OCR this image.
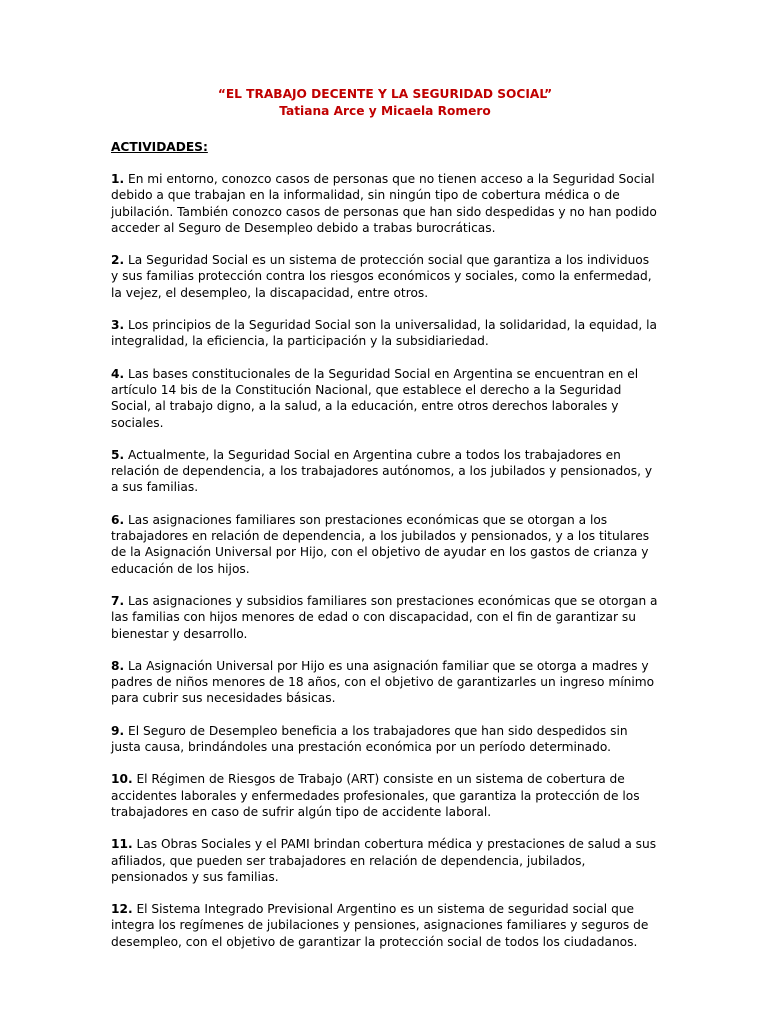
“EL TRABAJO DECENTE Y LA SEGURIDAD SOCIAL”
Tatiana Arce y Micaela Romero

ACTIVIDADES:

1. En mi entorno, conozco casos de personas que no tienen acceso a la Seguridad Social debido a que trabajan en la informalidad, sin ningún tipo de cobertura médica o de jubilación. También conozco casos de personas que han sido despedidas y no han podido acceder al Seguro de Desempleo debido a trabas burocráticas.

2. La Seguridad Social es un sistema de protección social que garantiza a los individuos y sus familias protección contra los riesgos económicos y sociales, como la enfermedad, la vejez, el desempleo, la discapacidad, entre otros.

3. Los principios de la Seguridad Social son la universalidad, la solidaridad, la equidad, la integralidad, la eficiencia, la participación y la subsidiariedad.

4. Las bases constitucionales de la Seguridad Social en Argentina se encuentran en el artículo 14 bis de la Constitución Nacional, que establece el derecho a la Seguridad Social, al trabajo digno, a la salud, a la educación, entre otros derechos laborales y sociales.

5. Actualmente, la Seguridad Social en Argentina cubre a todos los trabajadores en relación de dependencia, a los trabajadores autónomos, a los jubilados y pensionados, y a sus familias.

6. Las asignaciones familiares son prestaciones económicas que se otorgan a los trabajadores en relación de dependencia, a los jubilados y pensionados, y a los titulares de la Asignación Universal por Hijo, con el objetivo de ayudar en los gastos de crianza y educación de los hijos.

7. Las asignaciones y subsidios familiares son prestaciones económicas que se otorgan a las familias con hijos menores de edad o con discapacidad, con el fin de garantizar su bienestar y desarrollo.

8. La Asignación Universal por Hijo es una asignación familiar que se otorga a madres y padres de niños menores de 18 años, con el objetivo de garantizarles un ingreso mínimo para cubrir sus necesidades básicas.

9. El Seguro de Desempleo beneficia a los trabajadores que han sido despedidos sin justa causa, brindándoles una prestación económica por un período determinado.

10. El Régimen de Riesgos de Trabajo (ART) consiste en un sistema de cobertura de accidentes laborales y enfermedades profesionales, que garantiza la protección de los trabajadores en caso de sufrir algún tipo de accidente laboral.

11. Las Obras Sociales y el PAMI brindan cobertura médica y prestaciones de salud a sus afiliados, que pueden ser trabajadores en relación de dependencia, jubilados, pensionados y sus familias.

12. El Sistema Integrado Previsional Argentino es un sistema de seguridad social que integra los regímenes de jubilaciones y pensiones, asignaciones familiares y seguros de desempleo, con el objetivo de garantizar la protección social de todos los ciudadanos.
